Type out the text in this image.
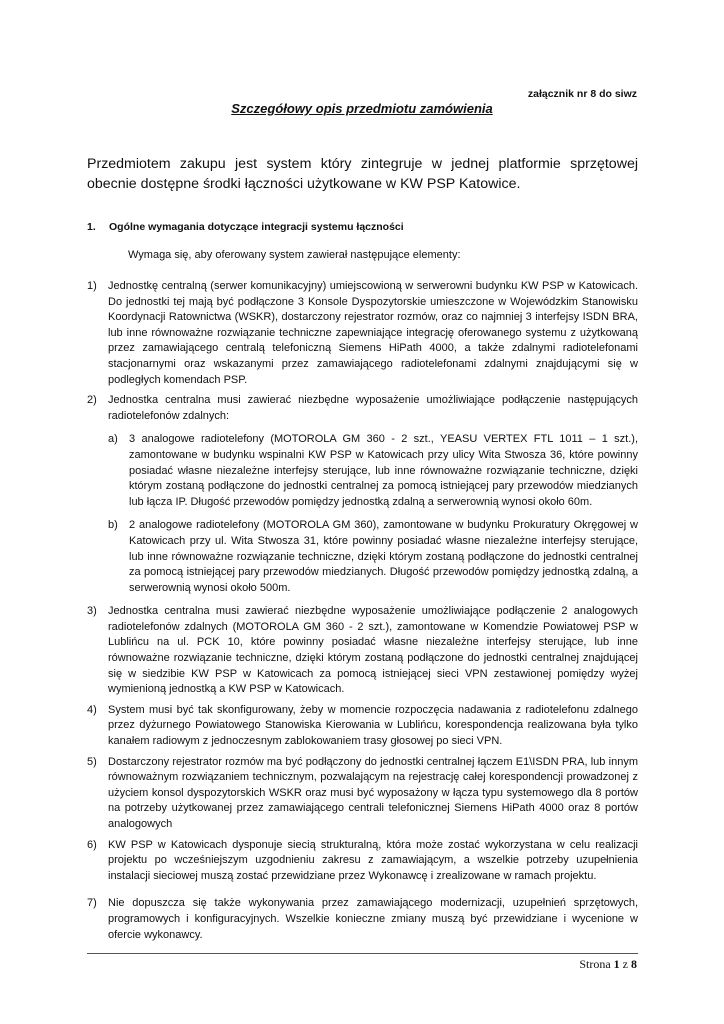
załącznik nr 8 do siwz
Szczegółowy opis przedmiotu zamówienia
Przedmiotem zakupu jest system który zintegruje w jednej platformie sprzętowej obecnie dostępne środki łączności użytkowane w KW PSP Katowice.
1. Ogólne wymagania dotyczące integracji systemu łączności
Wymaga się, aby oferowany system zawierał następujące elementy:
1) Jednostkę centralną (serwer komunikacyjny) umiejscowioną w serwerowni budynku KW PSP w Katowicach. Do jednostki tej mają być podłączone 3 Konsole Dyspozytorskie umieszczone w Wojewódzkim Stanowisku Koordynacji Ratownictwa (WSKR), dostarczony rejestrator rozmów, oraz co najmniej 3 interfejsy ISDN BRA, lub inne równoważne rozwiązanie techniczne zapewniające integrację oferowanego systemu z użytkowaną przez zamawiającego centralą telefoniczną Siemens HiPath 4000, a także zdalnymi radiotelefonami stacjonarnymi oraz wskazanymi przez zamawiającego radiotelefonami zdalnymi znajdującymi się w podległych komendach PSP.
2) Jednostka centralna musi zawierać niezbędne wyposażenie umożliwiające podłączenie następujących radiotelefonów zdalnych:
a) 3 analogowe radiotelefony (MOTOROLA GM 360 - 2 szt., YEASU VERTEX FTL 1011 – 1 szt.), zamontowane w budynku wspinalni KW PSP w Katowicach przy ulicy Wita Stwosza 36, które powinny posiadać własne niezależne interfejsy sterujące, lub inne równoważne rozwiązanie techniczne, dzięki którym zostaną podłączone do jednostki centralnej za pomocą istniejącej pary przewodów miedzianych lub łącza IP. Długość przewodów pomiędzy jednostką zdalną a serwerownią wynosi około 60m.
b) 2 analogowe radiotelefony (MOTOROLA GM 360), zamontowane w budynku Prokuratury Okręgowej w Katowicach przy ul. Wita Stwosza 31, które powinny posiadać własne niezależne interfejsy sterujące, lub inne równoważne rozwiązanie techniczne, dzięki którym zostaną podłączone do jednostki centralnej za pomocą istniejącej pary przewodów miedzianych. Długość przewodów pomiędzy jednostką zdalną, a serwerownią wynosi około 500m.
3) Jednostka centralna musi zawierać niezbędne wyposażenie umożliwiające podłączenie 2 analogowych radiotelefonów zdalnych (MOTOROLA GM 360 - 2 szt.), zamontowane w Komendzie Powiatowej PSP w Lublińcu na ul. PCK 10, które powinny posiadać własne niezależne interfejsy sterujące, lub inne równoważne rozwiązanie techniczne, dzięki którym zostaną podłączone do jednostki centralnej znajdującej się w siedzibie KW PSP w Katowicach za pomocą istniejącej sieci VPN zestawionej pomiędzy wyżej wymienioną jednostką a KW PSP w Katowicach.
4) System musi być tak skonfigurowany, żeby w momencie rozpoczęcia nadawania z radiotelefonu zdalnego przez dyżurnego Powiatowego Stanowiska Kierowania w Lublińcu, korespondencja realizowana była tylko kanałem radiowym z jednoczesnym zablokowaniem trasy głosowej po sieci VPN.
5) Dostarczony rejestrator rozmów ma być podłączony do jednostki centralnej łączem E1\ISDN PRA, lub innym równoważnym rozwiązaniem technicznym, pozwalającym na rejestrację całej korespondencji prowadzonej z użyciem konsol dyspozytorskich WSKR oraz musi być wyposażony w łącza typu systemowego dla 8 portów na potrzeby użytkowanej przez zamawiającego centrali telefonicznej Siemens HiPath 4000 oraz 8 portów analogowych
6) KW PSP w Katowicach dysponuje siecią strukturalną, która może zostać wykorzystana w celu realizacji projektu po wcześniejszym uzgodnieniu zakresu z zamawiającym, a wszelkie potrzeby uzupełnienia instalacji sieciowej muszą zostać przewidziane przez Wykonawcę i zrealizowane w ramach projektu.
7) Nie dopuszcza się także wykonywania przez zamawiającego modernizacji, uzupełnień sprzętowych, programowych i konfiguracyjnych. Wszelkie konieczne zmiany muszą być przewidziane i wycenione w ofercie wykonawcy.
Strona 1 z 8
